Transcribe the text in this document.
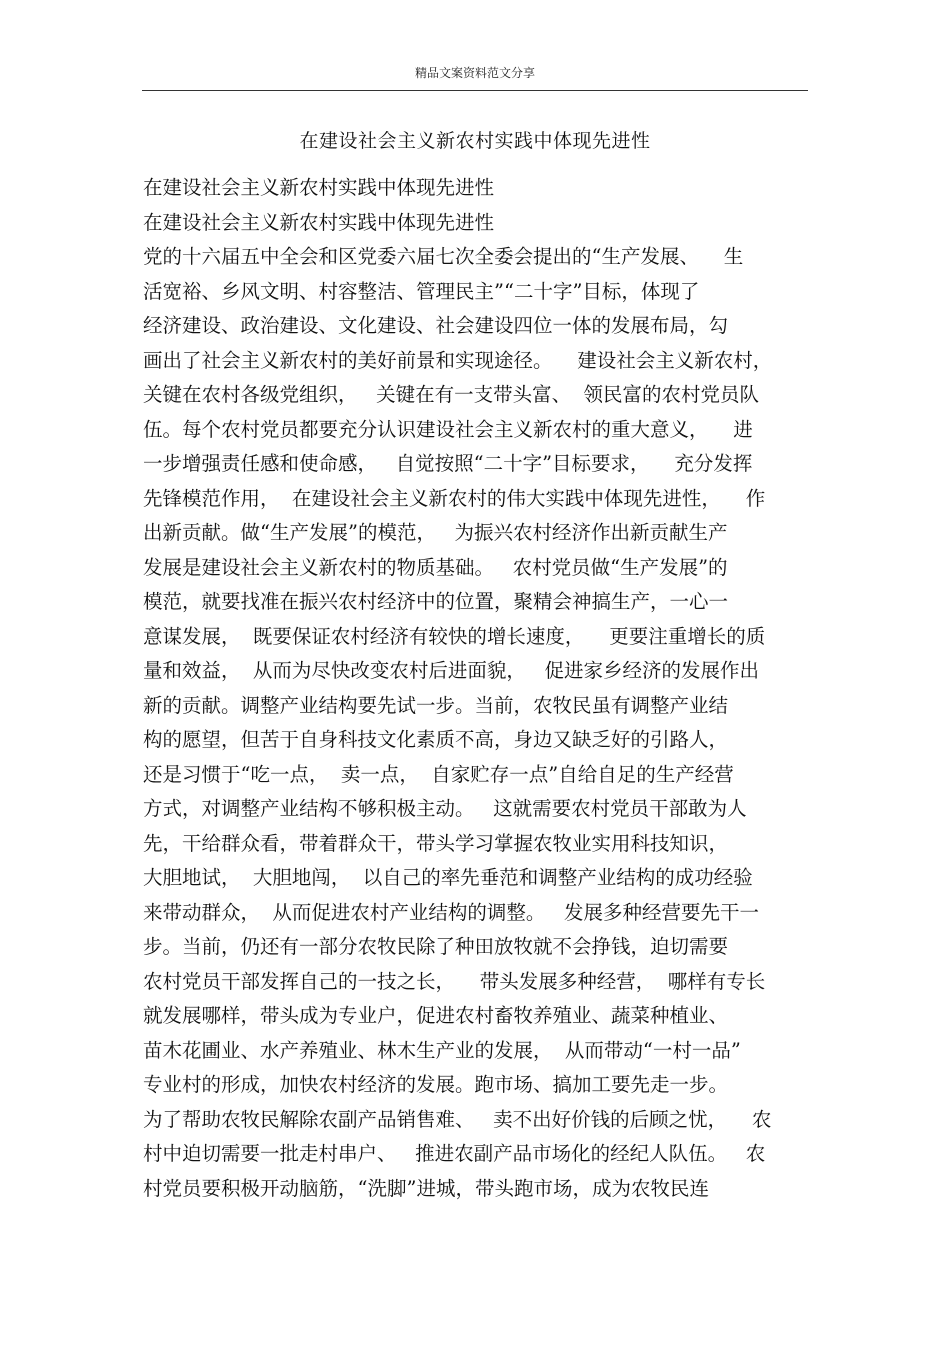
精品文案资料范文分享
在建设社会主义新农村实践中体现先进性
在建设社会主义新农村实践中体现先进性
在建设社会主义新农村实践中体现先进性
党的十六届五中全会和区党委六届七次全委会提出的“生产发展、    生
活宽裕、乡风文明、村容整洁、管理民主”“二十字”目标，体现了
经济建设、政治建设、文化建设、社会建设四位一体的发展布局，勾
画出了社会主义新农村的美好前景和实现途径。    建设社会主义新农村，
关键在农村各级党组织，   关键在有一支带头富、  领民富的农村党员队
伍。每个农村党员都要充分认识建设社会主义新农村的重大意义，    进
一步增强责任感和使命感，   自觉按照“二十字”目标要求，    充分发挥
先锋模范作用，  在建设社会主义新农村的伟大实践中体现先进性，    作
出新贡献。做“生产发展”的模范，   为振兴农村经济作出新贡献生产
发展是建设社会主义新农村的物质基础。   农村党员做“生产发展”的
模范，就要找准在振兴农村经济中的位置，聚精会神搞生产，一心一
意谋发展，  既要保证农村经济有较快的增长速度，    更要注重增长的质
量和效益，  从而为尽快改变农村后进面貌，   促进家乡经济的发展作出
新的贡献。调整产业结构要先试一步。当前，农牧民虽有调整产业结
构的愿望，但苦于自身科技文化素质不高，身边又缺乏好的引路人，
还是习惯于“吃一点，  卖一点，  自家贮存一点”自给自足的生产经营
方式，对调整产业结构不够积极主动。   这就需要农村党员干部敢为人
先，干给群众看，带着群众干，带头学习掌握农牧业实用科技知识，
大胆地试，  大胆地闯，  以自己的率先垂范和调整产业结构的成功经验
来带动群众，  从而促进农村产业结构的调整。   发展多种经营要先干一
步。当前，仍还有一部分农牧民除了种田放牧就不会挣钱，迫切需要
农村党员干部发挥自己的一技之长，    带头发展多种经营，  哪样有专长
就发展哪样，带头成为专业户，促进农村畜牧养殖业、蔬菜种植业、
苗木花圃业、水产养殖业、林木生产业的发展，  从而带动“一村一品”
专业村的形成，加快农村经济的发展。跑市场、搞加工要先走一步。
为了帮助农牧民解除农副产品销售难、   卖不出好价钱的后顾之忧，    农
村中迫切需要一批走村串户、   推进农副产品市场化的经纪人队伍。   农
村党员要积极开动脑筋，“洗脚”进城，带头跑市场，成为农牧民连
